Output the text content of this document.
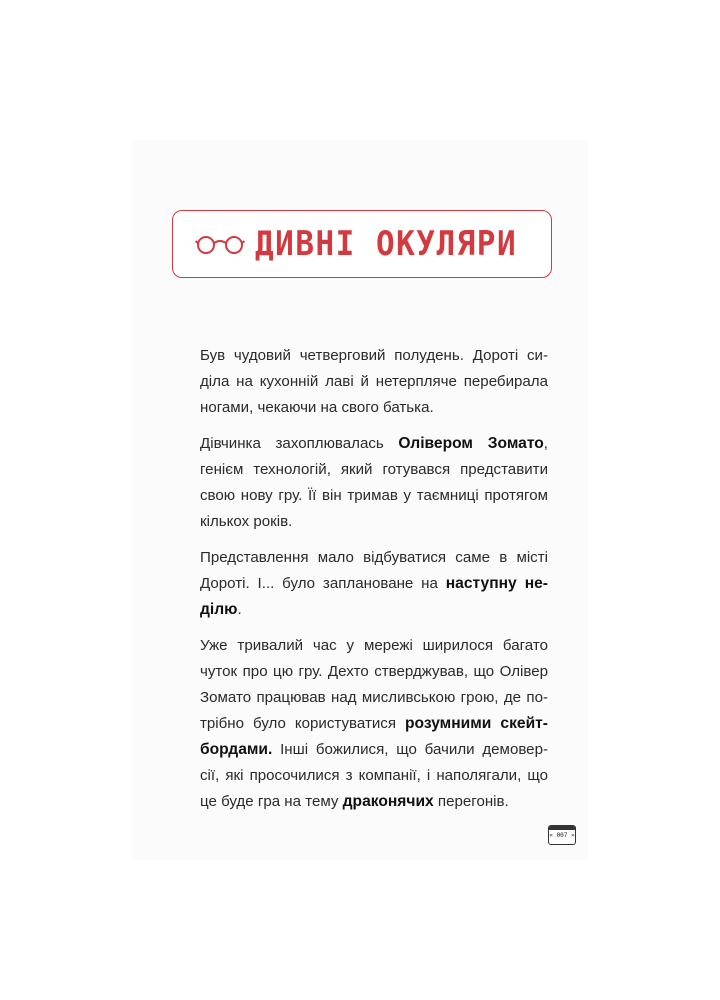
ДИВНІ ОКУЛЯРИ
Був чудовий четверговий полудень. Дороті си-
діла на кухонній лаві й нетерпляче перебирала
ногами, чекаючи на свого батька.
Дівчинка захоплювалась Олівером Зомато,
генієм технологій, який готувався представити
свою нову гру. Її він тримав у таємниці протягом
кількох років.
Представлення мало відбуватися саме в місті
Дороті. І... було заплановане на наступну не-
ділю.
Уже тривалий час у мережі ширилося багато
чуток про цю гру. Дехто стверджував, що Олівер
Зомато працював над мисливською грою, де по-
трібно було користуватися розумними скейт-
бордами. Інші божилися, що бачили демовер-
сії, які просочилися з компанії, і наполягали, що
це буде гра на тему драконячих перегонів.
« 007 »
